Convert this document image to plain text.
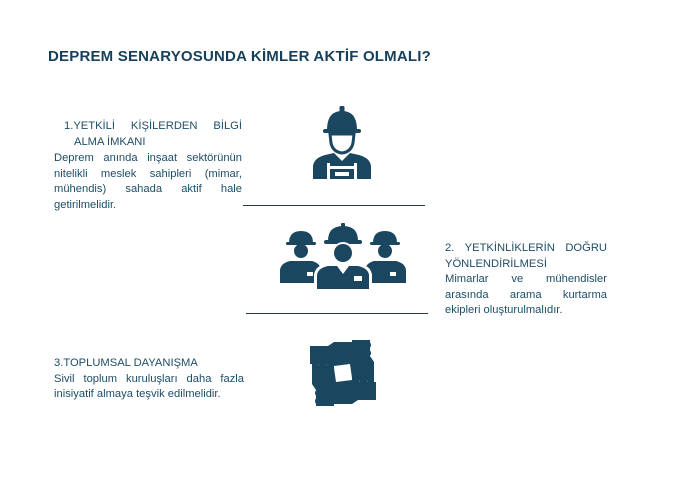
DEPREM SENARYOSUNDA KİMLER AKTİF OLMALI?
1.YETKİLİ KİŞİLERDEN BİLGİ
ALMA İMKANI
Deprem anında inşaat sektörünün nitelikli meslek sahipleri (mimar, mühendis) sahada aktif hale getirilmelidir.
2. YETKİNLİKLERİN DOĞRU
YÖNLENDİRİLMESİ
Mimarlar ve mühendisler arasında arama kurtarma ekipleri oluşturulmalıdır.
3.TOPLUMSAL DAYANIŞMA
Sivil toplum kuruluşları daha fazla inisiyatif almaya teşvik edilmelidir.
